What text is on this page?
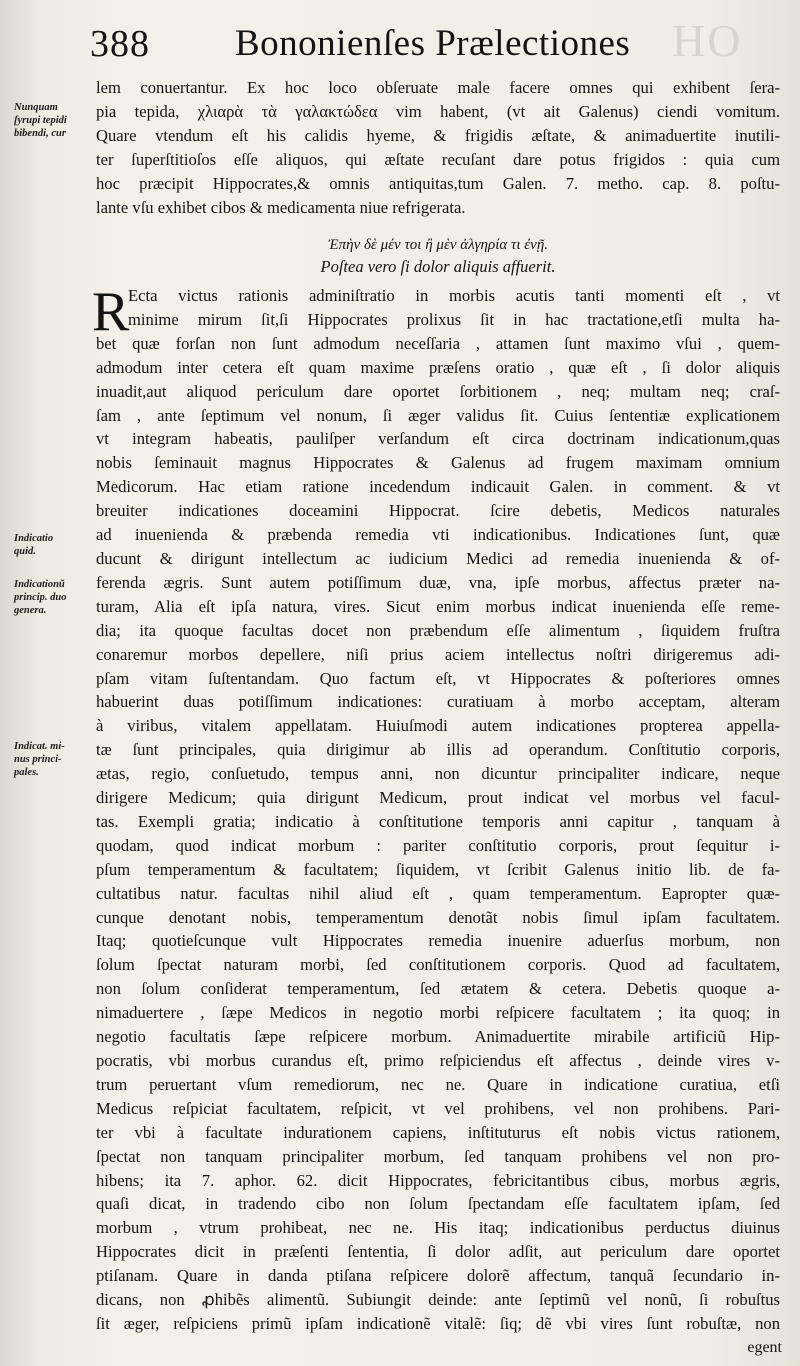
HO
388 Bononienſes Prælectiones
Nunquam
ſyrupi tepidi
bibendi, cur
Indicatio
quid.
Indicationũ
princip. duo
genera.
Indicat. mi-
nus princi-
pales.
lem conuertantur. Ex hoc loco obſeruate male facere omnes qui exhibent ſera-
pia tepida, χλιαρὰ τὰ γαλακτώδεα vim habent, (vt ait Galenus) ciendi vomitum.
Quare vtendum eſt his calidis hyeme, & frigidis æſtate, & animaduertite inutili-
ter ſuperſtitioſos eſſe aliquos, qui æſtate recuſant dare potus frigidos : quia cum
hoc præcipit Hippocrates,& omnis antiquitas,tum Galen. 7. metho. cap. 8. poſtu-
lante vſu exhibet cibos & medicamenta niue refrigerata.
Ἐπὴν δὲ μέν τοι ἢ μὲν ἀλγηρία τι ἐνῇ.
Poſtea vero ſi dolor aliquis affuerit.
R
Ecta victus rationis adminiſtratio in morbis acutis tanti momenti eſt , vt
minime mirum ſit,ſi Hippocrates prolixus ſit in hac tractatione,etſi multa ha-
bet quæ forſan non ſunt admodum neceſſaria , attamen ſunt maximo vſui , quem-
admodum inter cetera eſt quam maxime præſens oratio , quæ eſt , ſi dolor aliquis
inuadit,aut aliquod periculum dare oportet ſorbitionem , neq; multam neq; craſ-
ſam , ante ſeptimum vel nonum, ſi æger validus ſit. Cuius ſententiæ explicationem
vt integram habeatis, pauliſper verſandum eſt circa doctrinam indicationum,quas
nobis ſeminauit magnus Hippocrates & Galenus ad frugem maximam omnium
Medicorum. Hac etiam ratione incedendum indicauit Galen. in comment. & vt
breuiter indicationes doceamini Hippocrat. ſcire debetis, Medicos naturales
ad inuenienda & præbenda remedia vti indicationibus. Indicationes ſunt, quæ
ducunt & dirigunt intellectum ac iudicium Medici ad remedia inuenienda & of-
ferenda ægris. Sunt autem potiſſimum duæ, vna, ipſe morbus, affectus præter na-
turam, Alia eſt ipſa natura, vires. Sicut enim morbus indicat inuenienda eſſe reme-
dia; ita quoque facultas docet non præbendum eſſe alimentum , ſiquidem fruſtra
conaremur morbos depellere, niſi prius aciem intellectus noſtri dirigeremus adi-
pſam vitam ſuſtentandam. Quo factum eſt, vt Hippocrates & poſteriores omnes
habuerint duas potiſſimum indicationes: curatiuam à morbo acceptam, alteram
à viribus, vitalem appellatam. Huiuſmodi autem indicationes propterea appella-
tæ ſunt principales, quia dirigimur ab illis ad operandum. Conſtitutio corporis,
ætas, regio, conſuetudo, tempus anni, non dicuntur principaliter indicare, neque
dirigere Medicum; quia dirigunt Medicum, prout indicat vel morbus vel facul-
tas. Exempli gratia; indicatio à conſtitutione temporis anni capitur , tanquam à
quodam, quod indicat morbum : pariter conſtitutio corporis, prout ſequitur i-
pſum temperamentum & facultatem; ſiquidem, vt ſcribit Galenus initio lib. de fa-
cultatibus natur. facultas nihil aliud eſt , quam temperamentum. Eapropter quæ-
cunque denotant nobis, temperamentum denotãt nobis ſimul ipſam facultatem.
Itaq; quotieſcunque vult Hippocrates remedia inuenire aduerſus morbum, non
ſolum ſpectat naturam morbi, ſed conſtitutionem corporis. Quod ad facultatem,
non ſolum conſiderat temperamentum, ſed ætatem & cetera. Debetis quoque a-
nimaduertere , ſæpe Medicos in negotio morbi reſpicere facultatem ; ita quoq; in
negotio facultatis ſæpe reſpicere morbum. Animaduertite mirabile artificiũ Hip-
pocratis, vbi morbus curandus eſt, primo reſpiciendus eſt affectus , deinde vires v-
trum peruertant vſum remediorum, nec ne. Quare in indicatione curatiua, etſi
Medicus reſpiciat facultatem, reſpicit, vt vel prohibens, vel non prohibens. Pari-
ter vbi à facultate indurationem capiens, inſtituturus eſt nobis victus rationem,
ſpectat non tanquam principaliter morbum, ſed tanquam prohibens vel non pro-
hibens; ita 7. aphor. 62. dicit Hippocrates, febricitantibus cibus, morbus ægris,
quaſi dicat, in tradendo cibo non ſolum ſpectandam eſſe facultatem ipſam, ſed
morbum , vtrum prohibeat, nec ne. His itaq; indicationibus perductus diuinus
Hippocrates dicit in præſenti ſententia, ſi dolor adſit, aut periculum dare oportet
ptiſanam. Quare in danda ptiſana reſpicere dolorẽ affectum, tanquã ſecundario in-
dicans, non ꝓhibẽs alimentũ. Subiungit deinde: ante ſeptimũ vel nonũ, ſi robuſtus
ſit æger, reſpiciens primũ ipſam indicationẽ vitalẽ: ſiq; dẽ vbi vires ſunt robuſtæ, non
egent
